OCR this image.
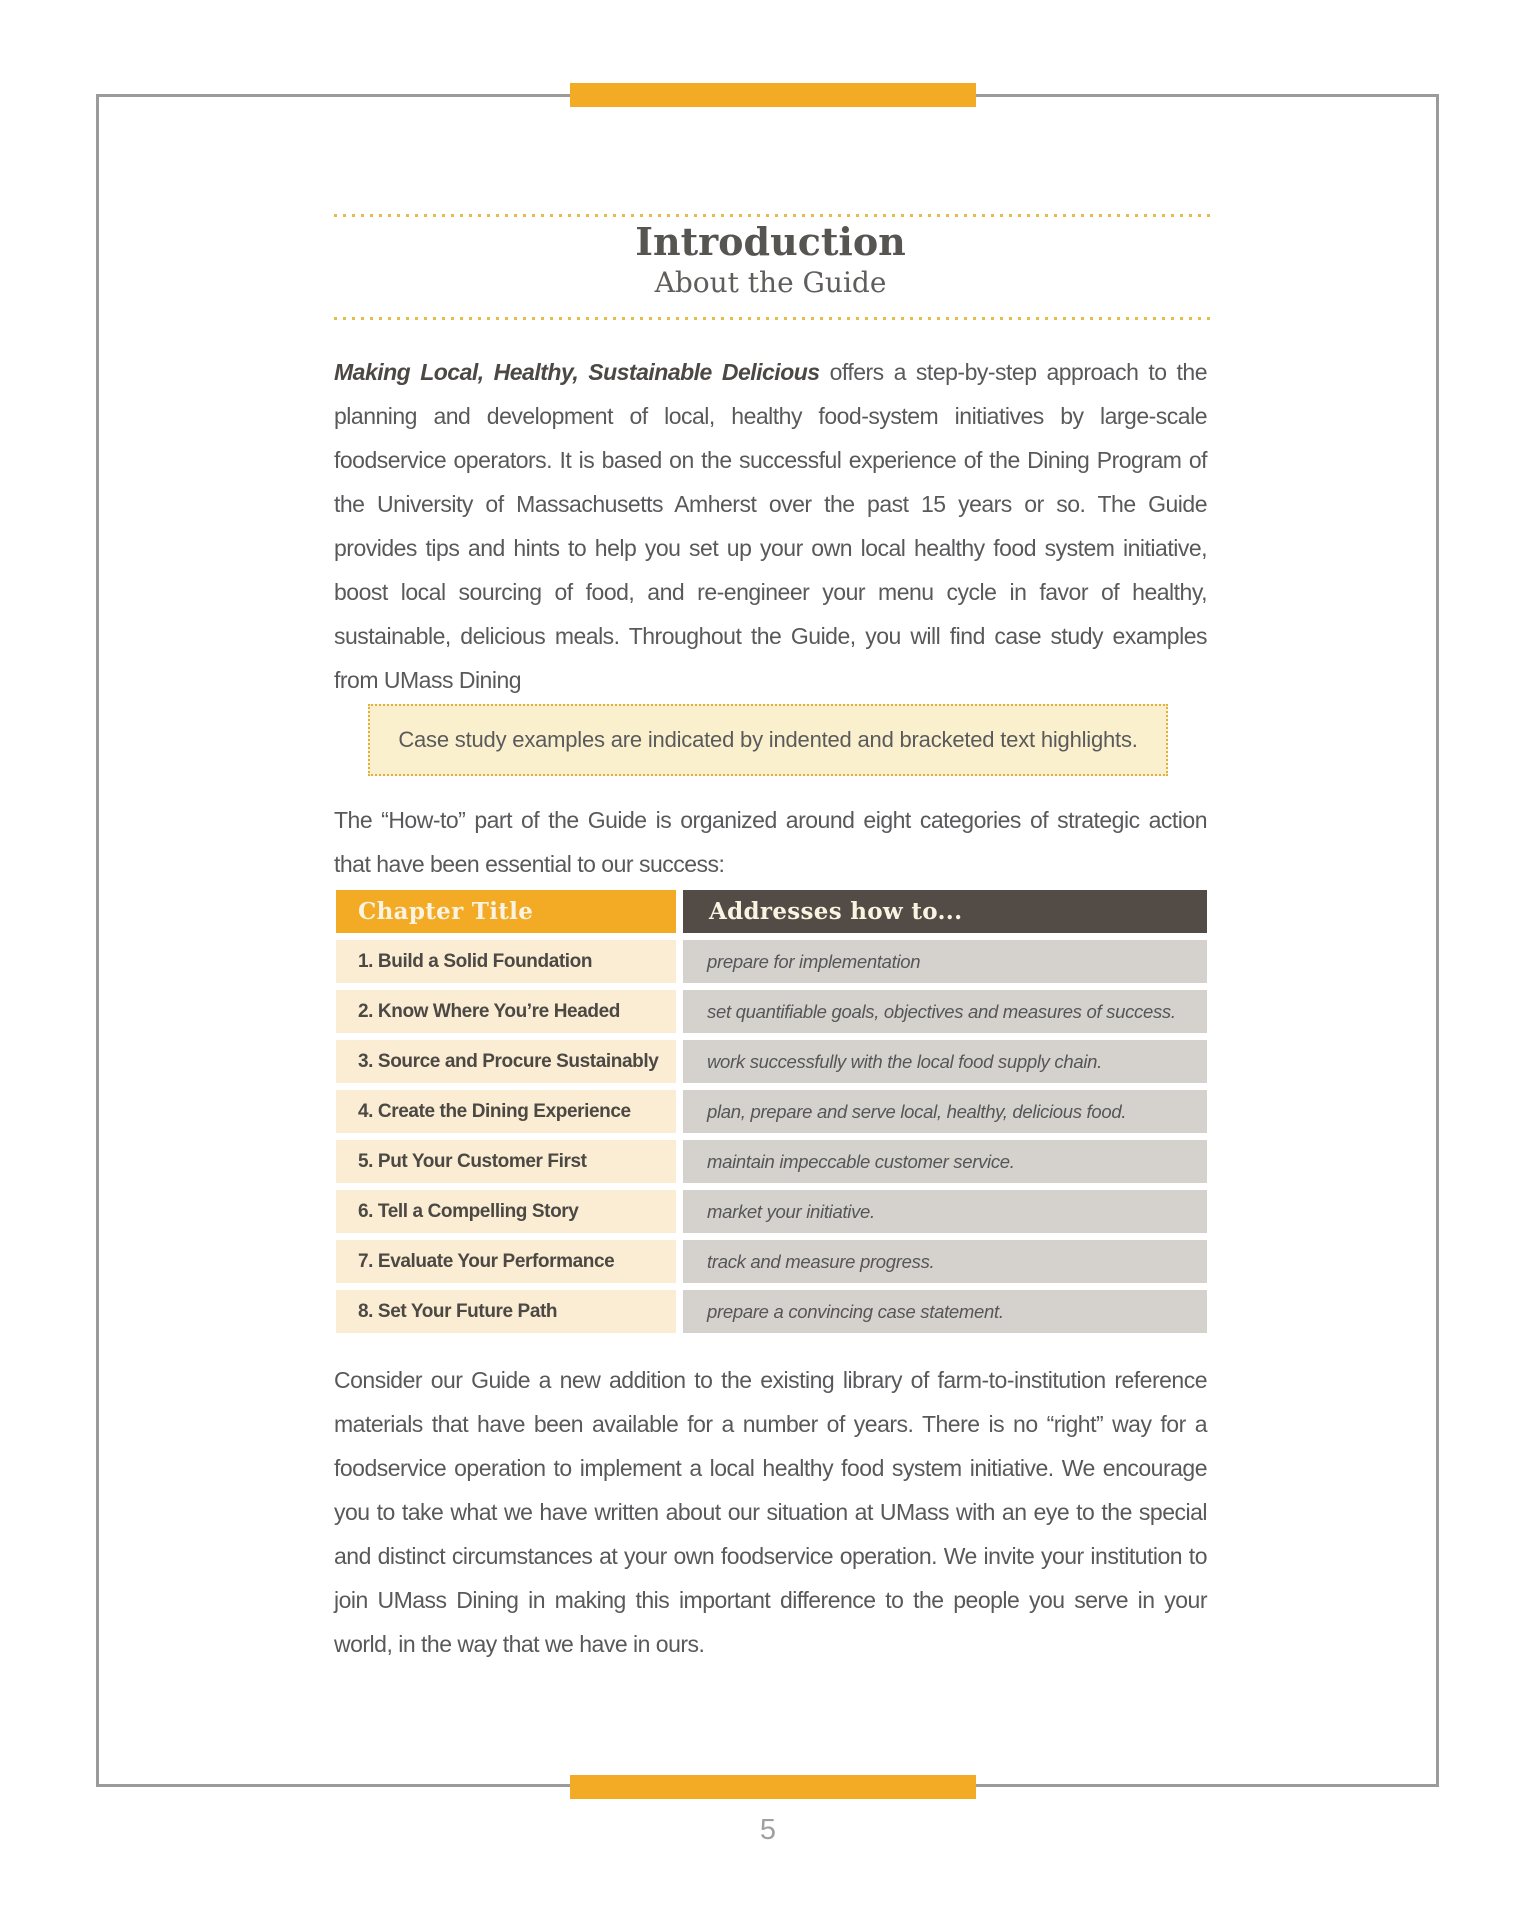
Introduction
About the Guide

Making Local, Healthy, Sustainable Delicious offers a step-by-step approach to the planning and development of local, healthy food-system initiatives by large-scale foodservice operators. It is based on the successful experience of the Dining Program of the University of Massachusetts Amherst over the past 15 years or so. The Guide provides tips and hints to help you set up your own local healthy food system initiative, boost local sourcing of food, and re-engineer your menu cycle in favor of healthy, sustainable, delicious meals. Throughout the Guide, you will find case study examples from UMass Dining

Case study examples are indicated by indented and bracketed text highlights.

The “How-to” part of the Guide is organized around eight categories of strategic action that have been essential to our success:

Chapter Title	Addresses how to...
1. Build a Solid Foundation	prepare for implementation
2. Know Where You’re Headed	set quantifiable goals, objectives and measures of success.
3. Source and Procure Sustainably	work successfully with the local food supply chain.
4. Create the Dining Experience	plan, prepare and serve local, healthy, delicious food.
5. Put Your Customer First	maintain impeccable customer service.
6. Tell a Compelling Story	market your initiative.
7. Evaluate Your Performance	track and measure progress.
8. Set Your Future Path	prepare a convincing case statement.

Consider our Guide a new addition to the existing library of farm-to-institution reference materials that have been available for a number of years. There is no “right” way for a foodservice operation to implement a local healthy food system initiative. We encourage you to take what we have written about our situation at UMass with an eye to the special and distinct circumstances at your own foodservice operation. We invite your institution to join UMass Dining in making this important difference to the people you serve in your world, in the way that we have in ours.

5
